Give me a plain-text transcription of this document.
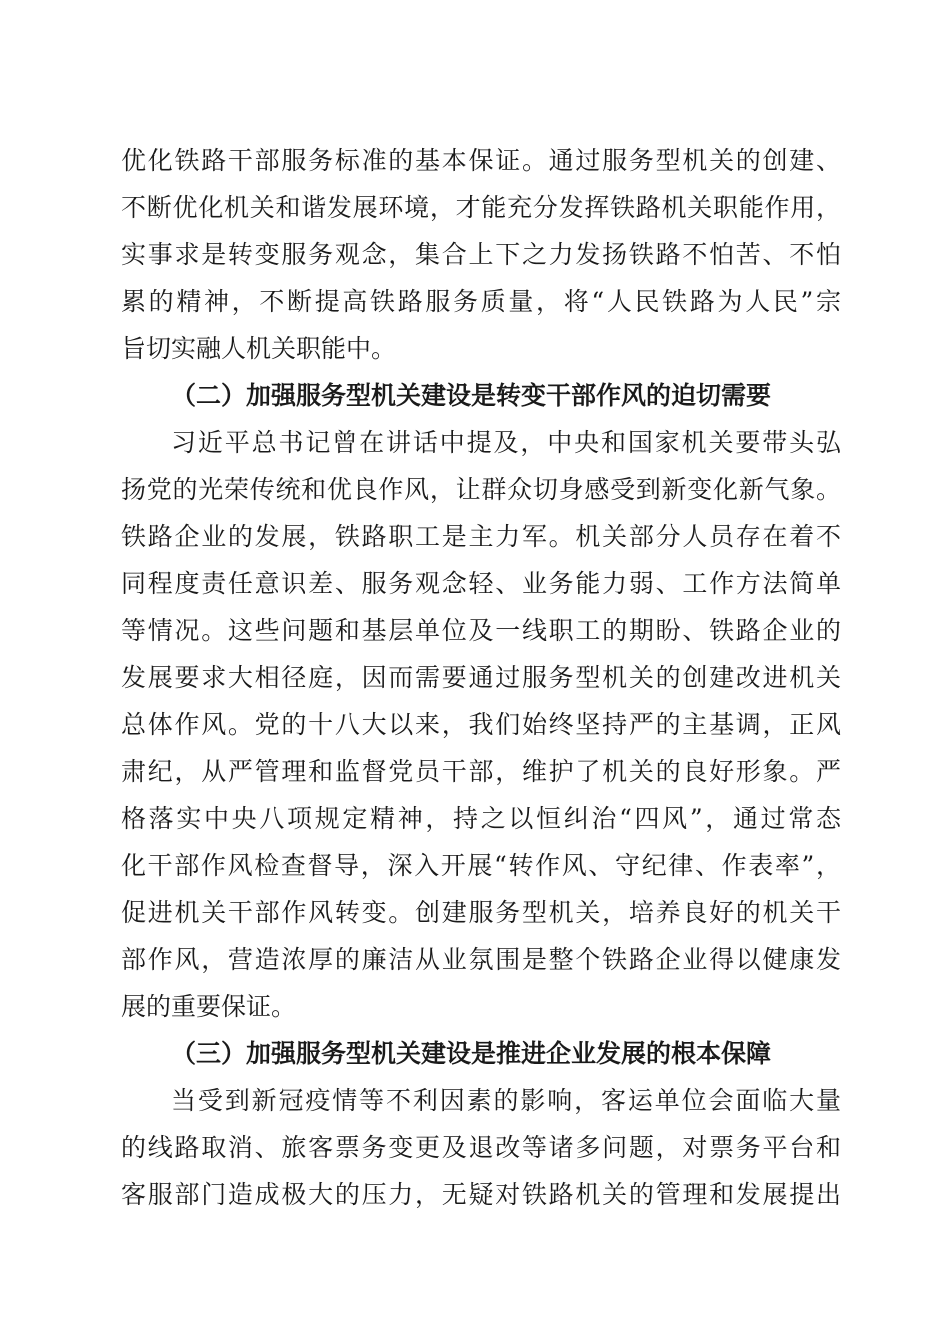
优化铁路干部服务标准的基本保证。通过服务型机关的创建、
不断优化机关和谐发展环境，才能充分发挥铁路机关职能作用，
实事求是转变服务观念，集合上下之力发扬铁路不怕苦、不怕
累的精神，不断提高铁路服务质量，将“人民铁路为人民”宗
旨切实融人机关职能中。
（二）加强服务型机关建设是转变干部作风的迫切需要
习近平总书记曾在讲话中提及，中央和国家机关要带头弘
扬党的光荣传统和优良作风，让群众切身感受到新变化新气象。
铁路企业的发展，铁路职工是主力军。机关部分人员存在着不
同程度责任意识差、服务观念轻、业务能力弱、工作方法简单
等情况。这些问题和基层单位及一线职工的期盼、铁路企业的
发展要求大相径庭，因而需要通过服务型机关的创建改进机关
总体作风。党的十八大以来，我们始终坚持严的主基调，正风
肃纪，从严管理和监督党员干部，维护了机关的良好形象。严
格落实中央八项规定精神，持之以恒纠治“四风”，通过常态
化干部作风检查督导，深入开展“转作风、守纪律、作表率”，
促进机关干部作风转变。创建服务型机关，培养良好的机关干
部作风，营造浓厚的廉洁从业氛围是整个铁路企业得以健康发
展的重要保证。
（三）加强服务型机关建设是推进企业发展的根本保障
当受到新冠疫情等不利因素的影响，客运单位会面临大量
的线路取消、旅客票务变更及退改等诸多问题，对票务平台和
客服部门造成极大的压力，无疑对铁路机关的管理和发展提出
